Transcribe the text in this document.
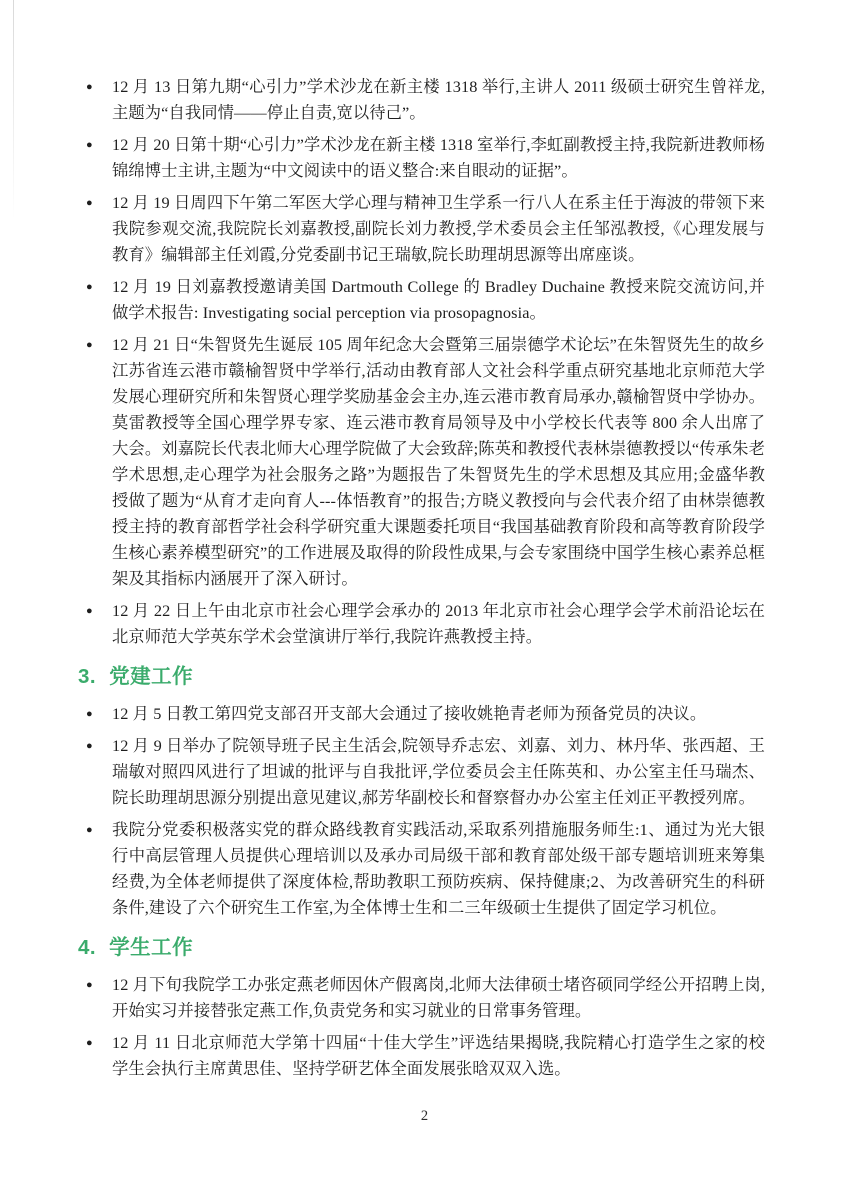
● 12 月 13 日第九期“心引力”学术沙龙在新主楼 1318 举行,主讲人 2011 级硕士研究生曾祥龙,主题为“自我同情——停止自责,宽以待己”。
● 12 月 20 日第十期“心引力”学术沙龙在新主楼 1318 室举行,李虹副教授主持,我院新进教师杨锦绵博士主讲,主题为“中文阅读中的语义整合:来自眼动的证据”。
● 12 月 19 日周四下午第二军医大学心理与精神卫生学系一行八人在系主任于海波的带领下来我院参观交流,我院院长刘嘉教授,副院长刘力教授,学术委员会主任邹泓教授,《心理发展与教育》编辑部主任刘霞,分党委副书记王瑞敏,院长助理胡思源等出席座谈。
● 12 月 19 日刘嘉教授邀请美国 Dartmouth College 的 Bradley Duchaine 教授来院交流访问,并做学术报告: Investigating social perception via prosopagnosia。
● 12 月 21 日“朱智贤先生诞辰 105 周年纪念大会暨第三届崇德学术论坛”在朱智贤先生的故乡江苏省连云港市赣榆智贤中学举行,活动由教育部人文社会科学重点研究基地北京师范大学发展心理研究所和朱智贤心理学奖励基金会主办,连云港市教育局承办,赣榆智贤中学协办。莫雷教授等全国心理学界专家、连云港市教育局领导及中小学校长代表等 800 余人出席了大会。刘嘉院长代表北师大心理学院做了大会致辞;陈英和教授代表林崇德教授以“传承朱老学术思想,走心理学为社会服务之路”为题报告了朱智贤先生的学术思想及其应用;金盛华教授做了题为“从育才走向育人---体悟教育”的报告;方晓义教授向与会代表介绍了由林崇德教授主持的教育部哲学社会科学研究重大课题委托项目“我国基础教育阶段和高等教育阶段学生核心素养模型研究”的工作进展及取得的阶段性成果,与会专家围绕中国学生核心素养总框架及其指标内涵展开了深入研讨。
● 12 月 22 日上午由北京市社会心理学会承办的 2013 年北京市社会心理学会学术前沿论坛在北京师范大学英东学术会堂演讲厅举行,我院许燕教授主持。
3. 党建工作
● 12 月 5 日教工第四党支部召开支部大会通过了接收姚艳青老师为预备党员的决议。
● 12 月 9 日举办了院领导班子民主生活会,院领导乔志宏、刘嘉、刘力、林丹华、张西超、王瑞敏对照四风进行了坦诚的批评与自我批评,学位委员会主任陈英和、办公室主任马瑞杰、院长助理胡思源分别提出意见建议,郝芳华副校长和督察督办办公室主任刘正平教授列席。
● 我院分党委积极落实党的群众路线教育实践活动,采取系列措施服务师生:1、通过为光大银行中高层管理人员提供心理培训以及承办司局级干部和教育部处级干部专题培训班来筹集经费,为全体老师提供了深度体检,帮助教职工预防疾病、保持健康;2、为改善研究生的科研条件,建设了六个研究生工作室,为全体博士生和二三年级硕士生提供了固定学习机位。
4. 学生工作
● 12 月下旬我院学工办张定燕老师因休产假离岗,北师大法律硕士堵咨硕同学经公开招聘上岗,开始实习并接替张定燕工作,负责党务和实习就业的日常事务管理。
● 12 月 11 日北京师范大学第十四届“十佳大学生”评选结果揭晓,我院精心打造学生之家的校学生会执行主席黄思佳、坚持学研艺体全面发展张晗双双入选。
2
